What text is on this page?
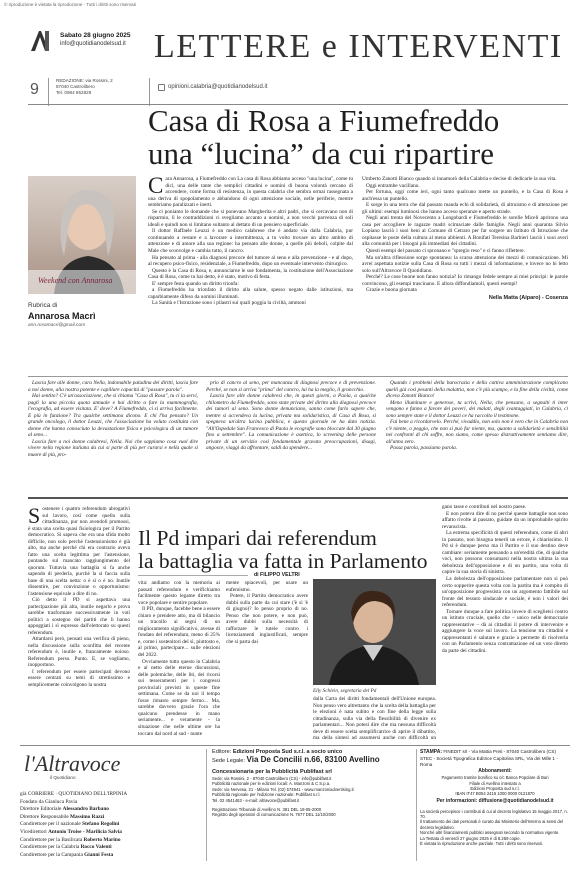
© riproduzione è vietata la riproduzione · Tutti i diritti sono riservati
Sabato 28 giugno 2025
info@quotidianodelsud.it LETTERE e INTERVENTI
9
REDAZIONE: via Rossini, 2
87040 Castrolibero
Tel. 0984 852828
opinioni.calabria@quotidianodelsud.it
Casa di Rosa a Fiumefreddo
una “lucina” da cui ripartire
Weekend con Annarosa
Rubrica di
Annarosa Macrì
ann.rosamacri@gmail.com
C ara Annarosa, a Fiumefreddo con La casa di Rosa abbiamo acceso "una lucina", come tu dici, una delle tante che semplici cittadini e uomini di buona volontà cercano di accendere, come forma di resistenza, in questa calabria che sembra ormai rassegnata a una deriva di spopolamento e abbandono di ogni attenzione sociale, nelle periferie, mentre sembriamo paralizzati e inerti.

Se ci poniamo le domande che si ponevano Margherita e altri padri, che si cercavano non di risparmio, lì le contraddizioni ci svegliamo accanto a uomini, a non vecchi parvenza di soli ideali e quindi non si limitano soltanto al dettato di un pensiero superficiale.

Il dottor Raffaele Leuzzi è un medico calabrese che è andato via dalla Calabria, pur continuando a restare e a lavorare a intermittenza, a tu volto trovare un altro ambito di attenzione e di amore alla sua regione: ha pensato alle donne, a quelle più deboli, colpite dal Male che sconvolge e cambia tutto, il cancro.

Ha pensato al prima - alla diagnosi precoce del tumore al seno e alla prevenzione - e al dopo, al recupero psico-fisico, residenziale, a Fiumefreddo, dopo un eventuale intervento chirurgico.

Questo è la Casa di Rosa, e, annunciarne le sue fondamenta, la costituzione dell'Associazione Casa di Rosa, come tu hai detto, è è stato, motivo di festa.

E' sempre festa quando un diritto trionfa:

a Fiumefreddo ha trionfato il diritto alla salute, spesso negato dalle istituzioni, ma caparbiamente difeso da uomini illuminati.

La Sanità e l'Istruzione sono i pilastri sui quali poggia la civiltà, ammoni

Umberto Zanotti Bianco quando si innamorò della Calabria e decise di dedicarle la sua vita.

Oggi entrambe vacillano.

Per fortuna, oggi come ieri, ogni tanto qualcuno mette un puntello, e la Casa di Rosa è anch'essa un puntello.

E sorge in una terra che dal passato manda echi di solidarietà, di altruismo e di attenzione per gli ultimi: esempi luminosi che hanno acceso speranze e aperto strade.

Negli anni trenta del Novecento a Longobardi e Fiumefreddo le sorelle Miceli aprirono una casa per accogliere le ragazze madri scimaciate dalle famiglie. Negli anni quaranta Silvio Lopiano lasciò i suoi beni al Comune di Cetraro per far sorgere un Istituto di Istruzione che ospitasse le poste della cultura al meno abbienti. A Bonifati Teresina Barbieri lasciò i suoi averi alla comunità per i bisogni più immediati dei cittadini.

Questi esempi del passato ci spronano e "spregio reso" e ci fanno riflettere.

Ma un'altra riflessione sorge spontanea: la scarsa attenzione dei mezzi di comunicazione. Mi avrei aspettata notizie sulla Casa di Rosa su tutti i mezzi di informazione, e invece no hi letto solo sull'Altravoce Il Quotidiano.

Perché? Le cose buone non fanno notizia? Io rimango fedele sempre ai miei principi: le parole convincono, gli esempi trascinano. E allora diffondiamoli, questi esempi!

Grazie e buona giornata

Nella Matta (Aiparo) - Cosenza

Lascia fare alle donne, cara Nella, indomabile paladina dei diritti, lascia fare a noi donne, alla nostra potente e capillare capacità di "passare parola".

Hai sentito? C'è un'associazione, che si chiama "Casa di Rosa", tu ci la servi, pagli la una piccola quota annuale e hai diritto a fare la mammografia, l'ecografia, ad essere visitata. E' dove? A Fiumefreddo, ci si arriva facilmente. E più in funzione? Tra qualche settimana dicono. E chi l'ha pensato? Un grande oncologo, il dottor Leuzzi, che l'associazione ha voluto costituita con donne che hanno conosciuto la devastazione fisica e psicologica di un tumore al seno...

Lascia fare a noi donne calabresi, Nella. Noi che sappiamo cosa vuol dire vivere nella regione italiana da cui si parte di più per curarsi e nella quale si muore di più, pro-

prio di cancro al seno, per mancanza di diagnosi precoce e di prevenzione. Perché, se non si arriva "prima" del cancro, lui ha la meglio, il grancchio.

Lascia fare alle donne calabresi che, in questi giorni, a Paola, a qualche chilometro da Fiumefreddo, sono state private del diritto alla diagnosi precoce dei tumori al seno. Sono donne denunciano, sanno come farlo sapere che, mentre si accendeva la lucina, privata ma solidaristica, di Casa di Rosa, si spegneva un'altra lucina pubblica, e questo giornale ne ha dato notizia. "All'Ospedale San Francesco di Paola le ecografie sono bloccate dal 30 giugno fino a settembre". La comunicazione è asettica, lo screening delle persone private di un servizio così fondamentale gravato preoccupazioni, disagi, angosce, viaggi da affrontare, saldi da spendere...

Quando i problemi della burocrazia e della cattiva amministrazione complicano quelli già così pesanti della malattia, non c'è più scampo, e la fine della civiltà, come diceva Zanotti Bianco!

Meno illuminare e generose, tu scrivi, Nella, che pensano, a segnalti ti inter vengono e fanno a favore dei poveri, dei malati, degli svantaggiati, in Calabria, ci sono sempre state e il dottor Leuzzi ce ha raccolto il testimone.

Fai bene a ricordarvelo. Perché, vivaddio, non solo non è vero che in Calabria non c'è niente, o peggio, che non si può far niente, ma, quanto a solidarietà e sensibilità nei confronti di chi soffre, non siamo, come spesso distruttivamente sentiamo dire, all'anno zero.

Passa parola, passiamo parola.

S ostenere i quattro referendum abrogativi sul lavoro, così come quello sulla cittadinanza, pur non avendoli promossi, è stata una scelta quasi fisiologica per il Partito democratico. Si sapeva che era una sfida molto difficile, non solo perché l'astensionismo è già alto, ma anche perché chi era contrario aveva fatto una scelta legittima per l'astensione, puntando sul mancato raggiungimento del quorum. Tuttavia una battaglia si fa anche sapendo di perderla, purché la si faccia sulla base di una scelta netta: o è sì o è no. Inutile dissentire, per convinzione o opportunismo: l'astensione equivale a dire di no.

Ciò detto il PD si aspettava una partecipazione più alta, inutile negarlo e prova sarebbe trasformare successivamente in voti politici a sostegno dei partiti che li hanno appoggiati i sì espresso dall'elettorato su questi referendum.

Attardarsi però, pensati una verifica di pieno, nella discussione sulla sconfitta del recente referendum è, inutile e, francamente noioso. Referendum perso. Punto. E, se vogliamo, inopportuno.

I referendum per essere partecipati devono essere centrati su temi di strettissimo e semplicemente coinvolgono la nostra

Il Pd impari dai referendum
la battaglia va fatta in Parlamento
di FILIPPO VELTRI

vita: andiamo con la memoria ai passati referendum e verifichiamo facilmente questo legame diretto tra voce popolare e sentire popolare.

Il PD, dunque, facebbe bene a essere chiaro e prendere atto, ma di bilancio un tracollo ai segni di un miglioramento significativo, avesse di fondato del referendum, meno di 25% e, come i sostenitori del sì, piuttosto e, al primo, partecipare... sulle elezioni del 2022.

Ovviamente tutto questo in Calabria e al netto delle eterne discussioni, delle polemiche, delle liti, dei ricorsi sui tesseramenti per i congressi provinciali previsti in queste fine settimana. Come se da noi il tempo fosse rimasto sempre fermo... Ma, sarebbe davvero grazie l'ora che qualcuno prendesse in mano seriamente... e veramente - la situazione che nelle ultime ore ha toccato dal nord al sud - punte

mente spiacevoli, per usare un eufemismo.

Potere, il Partito democratico avere dubbi sulla parte da cui stare ('è sì 'è di giugno)? Io penso proprio di no. Penso che non potere, e non può, avere dubbi sulla necessità di rafforzare le tutele contro i licenziamenti ingiustificati, sempre che si parta dai

Elly Schlein, segretaria del Pd

gano tasse e contributi nel nostro paese.

E non poteva dire di no perché queste battaglie non sono affatto rivolte al passato, guidate da un improbabile spirito revanscista.

La estrema specificità di questi referendum, come di altri in passato, non bisogna tenerli un errore, è chiarissimo. Il Pd si è dunque perso ma il Partito e il suo destino deve cambiare: seriamente pensando a un'eredità che, di qualche voci, non possono consumarsi nella nostra ultima la sua debolezza dell'opposizione e di un partito, una volta di capire la sua storia di sinistra.

La debolezza dell'opposizione parlamentare non si può certo sopperire questa volta con la partita ma è compito di un'opposizione progressista con un argomento fattibile sul fronte del tessuto sindacale e sociale, è non i valori dei referendum.

Tornare dunque a fare politica invece di sceglietsi contro un istituto cruciale, quello che – unico nelle democrazie rappresentative – dà ai cittadini il potere di intervenire e aggiungere la voce sul lavoro. La tensione tra cittadini e rappresentanti è salutare e grazie a permette di risolverla con un Parlamento senza contrattazione ed un voto diretto da parte dei cittadini.

l'Altravoce
il Quotidiano
già CORRIERE · QUOTIDIANO DELL'IRPINIA
Fondato da Gianluca Pavia
Direttore Editoriale Alessandro Barbano
Direttore Responsabile Massimo Razzi
Condirettore per il nazionale Stefano Regolini
Vicedirettori Antonio Troise - Marilicia Salvia
Condirettore per la Basilicata Roberto Marino
Condirettore per la Calabria Rocco Valenti
Condirettore per la Campania Gianni Festa
Editore: Edizioni Proposta Sud s.r.l. a socio unico
Sede Legale: Via De Concilii n.66, 83100 Avellino
Concessionaria per la Pubblicità Publifast srl
Sede: via Rossini, 2 - 87040 Castrolibero (CS) - info@publifast.it
Pubblicità nazionale per le edizioni locali: A. Manzoni & C S.p.a.
Sede: via Nervesa, 21 - Milano Tel. (02) 574941 - www.manzoniadvertising.it
Pubblicità regionale per l'edizione nazionale: Publifast s.r.l.
Tel. 02 4541463 - e-mail: altravoce@publifast.it
Registrazione Tribunale di Avellino N. 381 DEL 18-05-2000
Registro degli operatori di comunicazione N. 7677 DEL 11/10/2000
STAMPA: FINEDIT srl - Via Mattia Preti - 87040 Castrolibero (CS)
STEC - Società Tipografica Editrice Capitolina SRL, Via dei Mille 1 - Roma
Abbonamenti:
Pagamento tramite bonifico su c/c Banca Popolare di Bari
Filiale di Avellino intestato a
Edizioni Proposta sud s.r.l.
IBAN IT47 B054 2415 1000 0000 0121870
Per informazioni: diffusione@quotidianodelsud.it
La società percepisce i contributi di cui al decreto legislativo 15 maggio 2017, n. 70.
Il trattamento dei dati personali è curato dai Ministerio dell'Interno ai sensi del decreto legislativo.
Nonché altri finanziamenti pubblici assegnati secondo la normativa vigente.
La Testata di venerdì 27 giugno 2025 è di 8.259 copie.
È vietata la riproduzione anche parziale. Tutti i diritti sono riservati.

dalla Carta dei diritti fondamentali dell'Unione europea. Non penso vero altrettanto che la scelta della battaglia per le elezioni è nata subito e con fine della legge sulla cittadinanza, sulla via della flessibilità di divenire ex parlamentari... Non potesi dire che ma nessuna difficoltà deve di essere scelta semplificatrice di aprire il dibattito, ma della sintesi ad assumersi anche con difficoltà un
